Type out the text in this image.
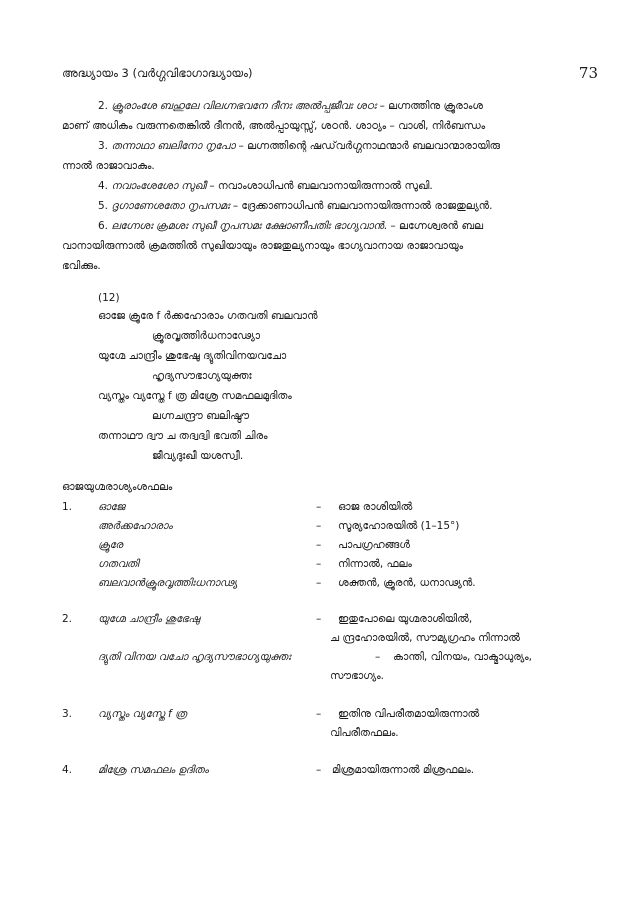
അദ്ധ്യായം 3 (വർഗ്ഗവിഭാഗാദ്ധ്യായം)	73
2. ക്രൂരാംശേ ബഹുലേ വിലഗ്നഭവനേ ദീനഃ അൽപ്പജീവഃ ശഠഃ – ലഗ്നത്തിനു ക്രൂരാംശ
മാണ് അധികം വരുന്നതെങ്കിൽ ദീനൻ, അൽപ്പായുസ്സ്, ശഠൻ. ശാഠ്യം – വാശി, നിർബന്ധം
3. തന്നാഥാ ബലിനോ നൃപോ – ലഗ്നത്തിന്റെ ഷഡ്‌വർഗ്ഗനാഥന്മാർ ബലവാന്മാരായിരു
ന്നാൽ രാജാവാകും.
4. നവാംശേശോ സുഖീ – നവാംശാധിപൻ ബലവാനായിരുന്നാൽ സുഖി.
5. ദൃഗാണേശതോ നൃപസമഃ – ദ്രേക്കാണാധിപൻ ബലവാനായിരുന്നാൽ രാജതുല്യൻ.
6. ലഗ്നേശഃ ക്രമശഃ സുഖീ നൃപസമഃ ക്ഷോണീപതിഃ ഭാഗ്യവാൻ. – ലഗ്നേശ്വരൻ ബല
വാനായിരുന്നാൽ ക്രമത്തിൽ സുഖിയായും രാജതുല്യനായും ഭാഗ്യവാനായ രാജാവായും
ഭവിക്കും.
(12)
ഓജേ ക്രൂരേ f ർക്കഹോരാം ഗതവതി ബലവാൻ
ക്രൂരവൃത്തിർധനാഢ്യോ
യുഗ്മേ ചാന്ദ്രീം ശുഭേഷു ദ്യുതിവിനയവചോ
ഹൃദ്യസൗഭാഗ്യയുക്തഃ
വ്യസ്തം വ്യസ്തേ f ത്ര മിശ്രേ സമഫലമുദിതം
ലഗ്നചന്ദ്രൗ ബലിഷ്ഠൗ
തന്നാഥൗ ദ്വൗ ച തദ്വദ്വി ഭവതി ചിരം
ജീവ്യദുഃഖീ യശസ്വീ.
ഓജയുഗ്മരാശ്യംശഫലം
1. ഓജേ	– ഓജ രാശിയിൽ
അർക്കഹോരാം	– സൂര്യഹോരയിൽ (1–15°)
ക്രൂരേ	– പാപഗ്രഹങ്ങൾ
ഗതവതി	– നിന്നാൽ, ഫലം
ബലവാൻക്രൂരവൃത്തിഃധനാഢ്യ	– ശക്തൻ, ക്രൂരൻ, ധനാഢ്യൻ.
2. യുഗ്മേ ചാന്ദ്രീം ശുഭേഷു	– ഇതുപോലെ യുഗ്മരാശിയിൽ,
ച ന്ദ്രഹോരയിൽ, സൗമ്യഗ്രഹം നിന്നാൽ
ദ്യുതി വിനയ വചോ ഹൃദ്യസൗഭാഗ്യയുക്തഃ	– കാന്തി, വിനയം, വാക്മാധുര്യം,
സൗഭാഗ്യം.
3. വ്യസ്തം വ്യസ്തേ f ത്ര	– ഇതിനു വിപരീതമായിരുന്നാൽ
വിപരീതഫലം.
4. മിശ്രേ സമഫലം ഉദിതം	– മിശ്രമായിരുന്നാൽ മിശ്രഫലം.
